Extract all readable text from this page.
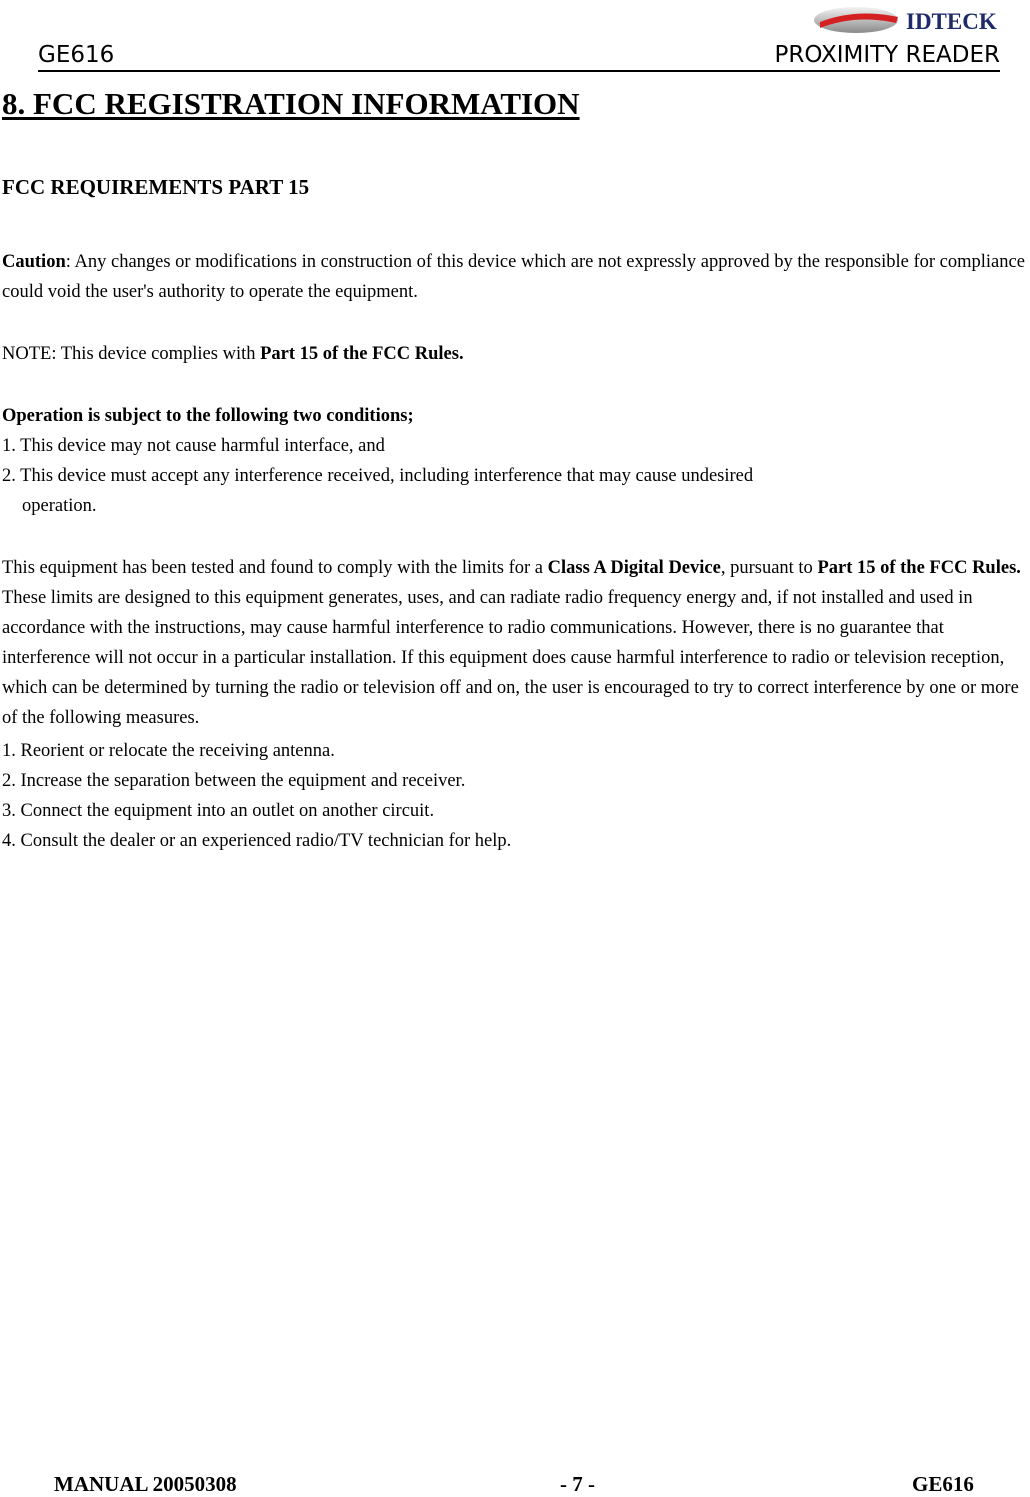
IDTECK
GE616	PROXIMITY READER
8. FCC REGISTRATION INFORMATION
FCC REQUIREMENTS PART 15

Caution: Any changes or modifications in construction of this device which are not expressly approved by the responsible for compliance could void the user's authority to operate the equipment.

NOTE: This device complies with Part 15 of the FCC Rules.

Operation is subject to the following two conditions;
1. This device may not cause harmful interface, and
2. This device must accept any interference received, including interference that may cause undesired
operation.

This equipment has been tested and found to comply with the limits for a Class A Digital Device, pursuant to Part 15 of the FCC Rules. These limits are designed to this equipment generates, uses, and can radiate radio frequency energy and, if not installed and used in accordance with the instructions, may cause harmful interference to radio communications. However, there is no guarantee that interference will not occur in a particular installation. If this equipment does cause harmful interference to radio or television reception, which can be determined by turning the radio or television off and on, the user is encouraged to try to correct interference by one or more of the following measures.

1. Reorient or relocate the receiving antenna.
2. Increase the separation between the equipment and receiver.
3. Connect the equipment into an outlet on another circuit.
4. Consult the dealer or an experienced radio/TV technician for help.
MANUAL 20050308	- 7 -	GE616
